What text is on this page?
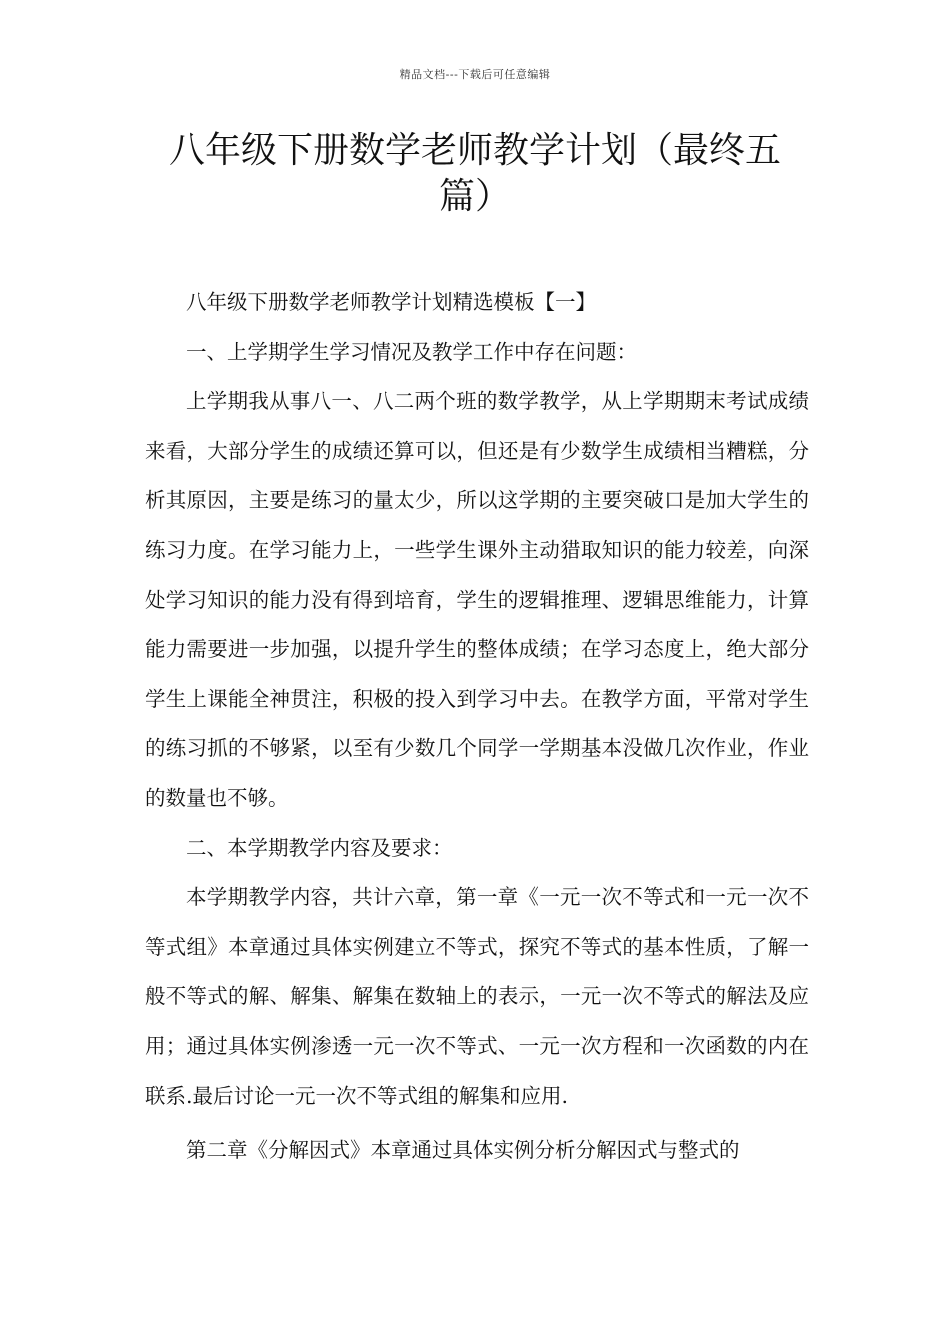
精品文档---下载后可任意编辑
八年级下册数学老师教学计划（最终五篇）

八年级下册数学老师教学计划精选模板【一】

一、上学期学生学习情况及教学工作中存在问题：

上学期我从事八一、八二两个班的数学教学，从上学期期末考试成绩来看，大部分学生的成绩还算可以，但还是有少数学生成绩相当糟糕，分析其原因，主要是练习的量太少，所以这学期的主要突破口是加大学生的练习力度。在学习能力上，一些学生课外主动猎取知识的能力较差，向深处学习知识的能力没有得到培育，学生的逻辑推理、逻辑思维能力，计算能力需要进一步加强，以提升学生的整体成绩；在学习态度上，绝大部分学生上课能全神贯注，积极的投入到学习中去。在教学方面，平常对学生的练习抓的不够紧，以至有少数几个同学一学期基本没做几次作业，作业的数量也不够。

二、本学期教学内容及要求：

本学期教学内容，共计六章，第一章《一元一次不等式和一元一次不等式组》本章通过具体实例建立不等式，探究不等式的基本性质，了解一般不等式的解、解集、解集在数轴上的表示，一元一次不等式的解法及应用；通过具体实例渗透一元一次不等式、一元一次方程和一次函数的内在联系.最后讨论一元一次不等式组的解集和应用.

第二章《分解因式》本章通过具体实例分析分解因式与整式的
